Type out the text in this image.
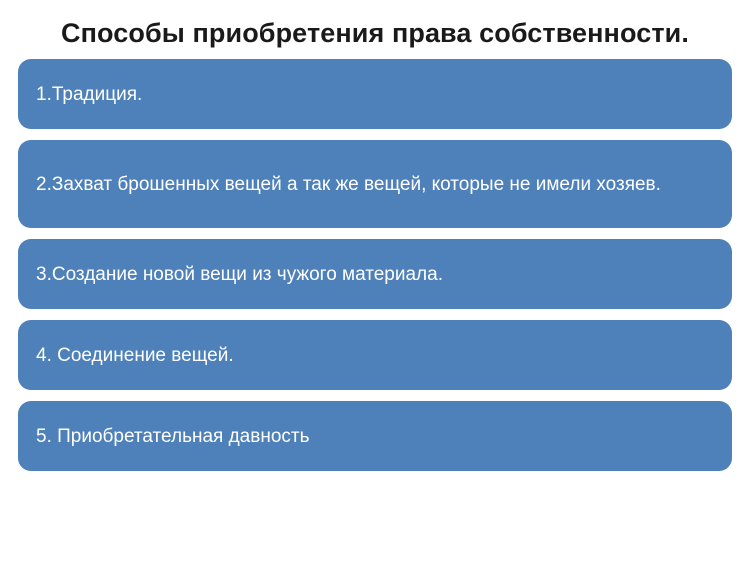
Способы приобретения права собственности.
1.Традиция.
2.Захват брошенных вещей а так же вещей, которые не имели хозяев.
3.Создание новой вещи из чужого материала.
4. Соединение вещей.
5. Приобретательная давность
